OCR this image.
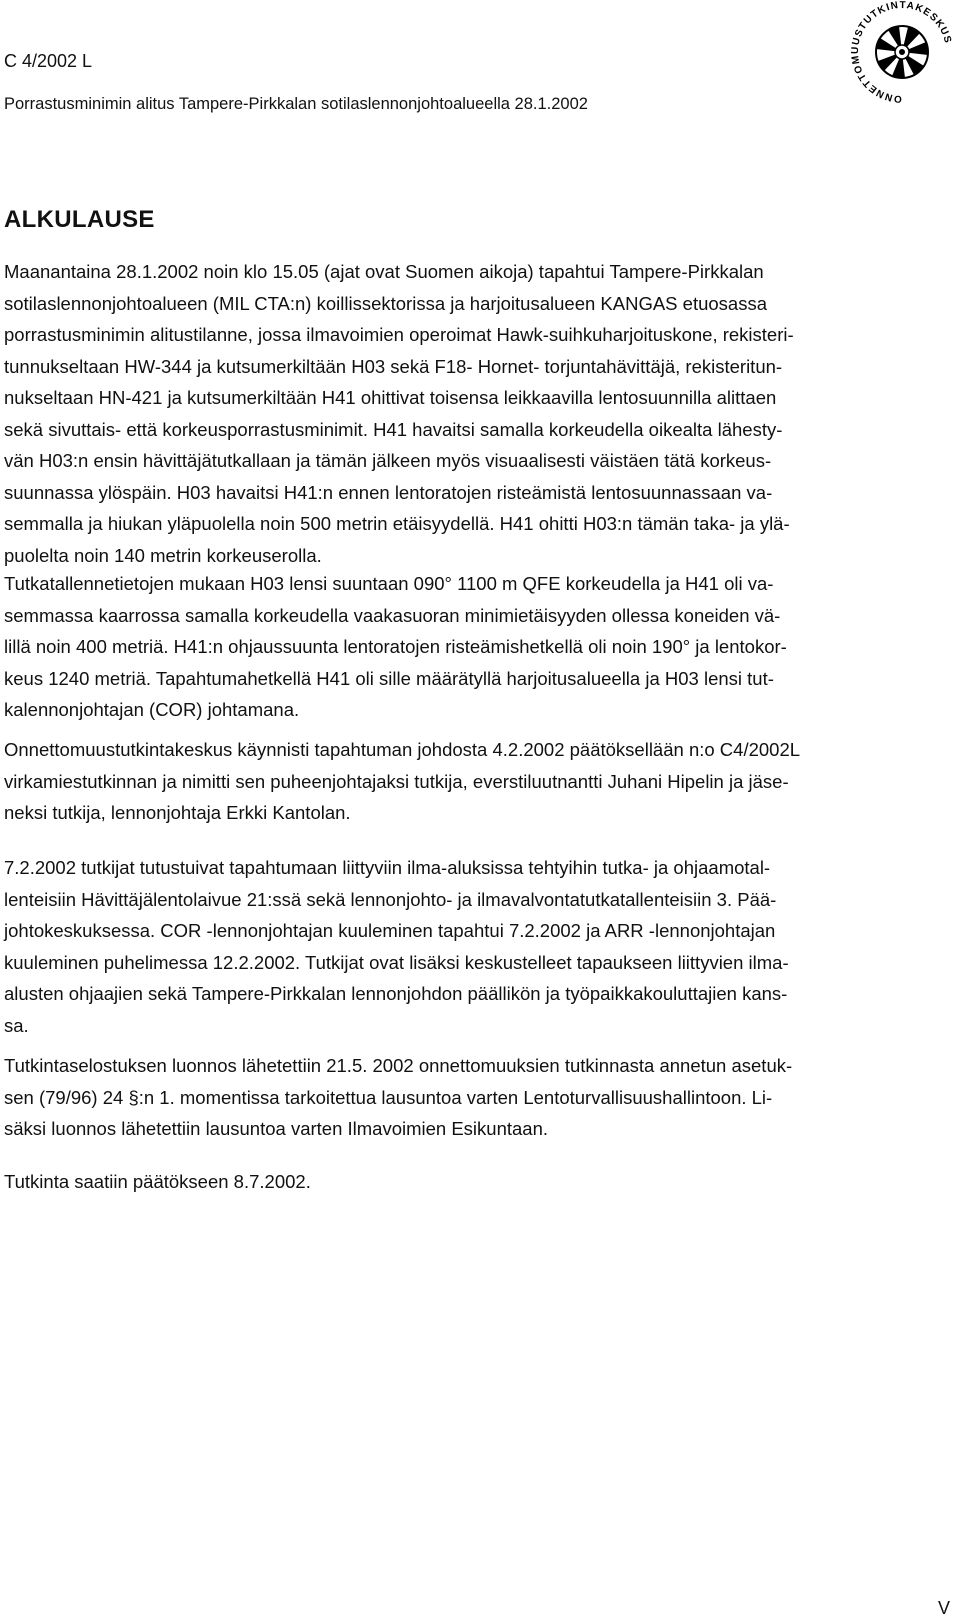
C 4/2002 L
Porrastusminimin alitus Tampere-Pirkkalan sotilaslennonjohtoalueella 28.1.2002	ONNETTOMUUSTUTKINTAKESKUS
ALKULAUSE

Maanantaina 28.1.2002 noin klo 15.05 (ajat ovat Suomen aikoja) tapahtui Tampere-Pirkkalan
sotilaslennonjohtoalueen (MIL CTA:n) koillissektorissa ja harjoitusalueen KANGAS etuosassa
porrastusminimin alitustilanne, jossa ilmavoimien operoimat Hawk-suihkuharjoituskone, rekisteri-
tunnukseltaan HW-344 ja kutsumerkiltään H03 sekä F18- Hornet- torjuntahävittäjä, rekisteritun-
nukseltaan HN-421 ja kutsumerkiltään H41 ohittivat toisensa leikkaavilla lentosuunnilla alittaen
sekä sivuttais- että korkeusporrastusminimit. H41 havaitsi samalla korkeudella oikealta lähesty-
vän H03:n ensin hävittäjätutkallaan ja tämän jälkeen myös visuaalisesti väistäen tätä korkeus-
suunnassa ylöspäin. H03 havaitsi H41:n ennen lentoratojen risteämistä lentosuunnassaan va-
semmalla ja hiukan yläpuolella noin 500 metrin etäisyydellä. H41 ohitti H03:n tämän taka- ja ylä-
puolelta noin 140 metrin korkeuserolla.

Tutkatallennetietojen mukaan H03 lensi suuntaan 090° 1100 m QFE korkeudella ja H41 oli va-
semmassa kaarrossa samalla korkeudella vaakasuoran minimietäisyyden ollessa koneiden vä-
lillä noin 400 metriä. H41:n ohjaussuunta lentoratojen risteämishetkellä oli noin 190° ja lentokor-
keus 1240 metriä. Tapahtumahetkellä H41 oli sille määrätyllä harjoitusalueella ja H03 lensi tut-
kalennonjohtajan (COR) johtamana.

Onnettomuustutkintakeskus käynnisti tapahtuman johdosta 4.2.2002 päätöksellään n:o C4/2002L
virkamiestutkinnan ja nimitti sen puheenjohtajaksi tutkija, everstiluutnantti Juhani Hipelin ja jäse-
neksi tutkija, lennonjohtaja Erkki Kantolan.

7.2.2002 tutkijat tutustuivat tapahtumaan liittyviin ilma-aluksissa tehtyihin tutka- ja ohjaamotal-
lenteisiin Hävittäjälentolaivue 21:ssä sekä lennonjohto- ja ilmavalvontatutkatallenteisiin 3. Pää-
johtokeskuksessa. COR -lennonjohtajan kuuleminen tapahtui 7.2.2002 ja ARR -lennonjohtajan
kuuleminen puhelimessa 12.2.2002. Tutkijat ovat lisäksi keskustelleet tapaukseen liittyvien ilma-
alusten ohjaajien sekä Tampere-Pirkkalan lennonjohdon päällikön ja työpaikkakouluttajien kans-
sa.

Tutkintaselostuksen luonnos lähetettiin 21.5. 2002 onnettomuuksien tutkinnasta annetun asetuk-
sen (79/96) 24 §:n 1. momentissa tarkoitettua lausuntoa varten Lentoturvallisuushallintoon. Li-
säksi luonnos lähetettiin lausuntoa varten Ilmavoimien Esikuntaan.

Tutkinta saatiin päätökseen 8.7.2002.

V
